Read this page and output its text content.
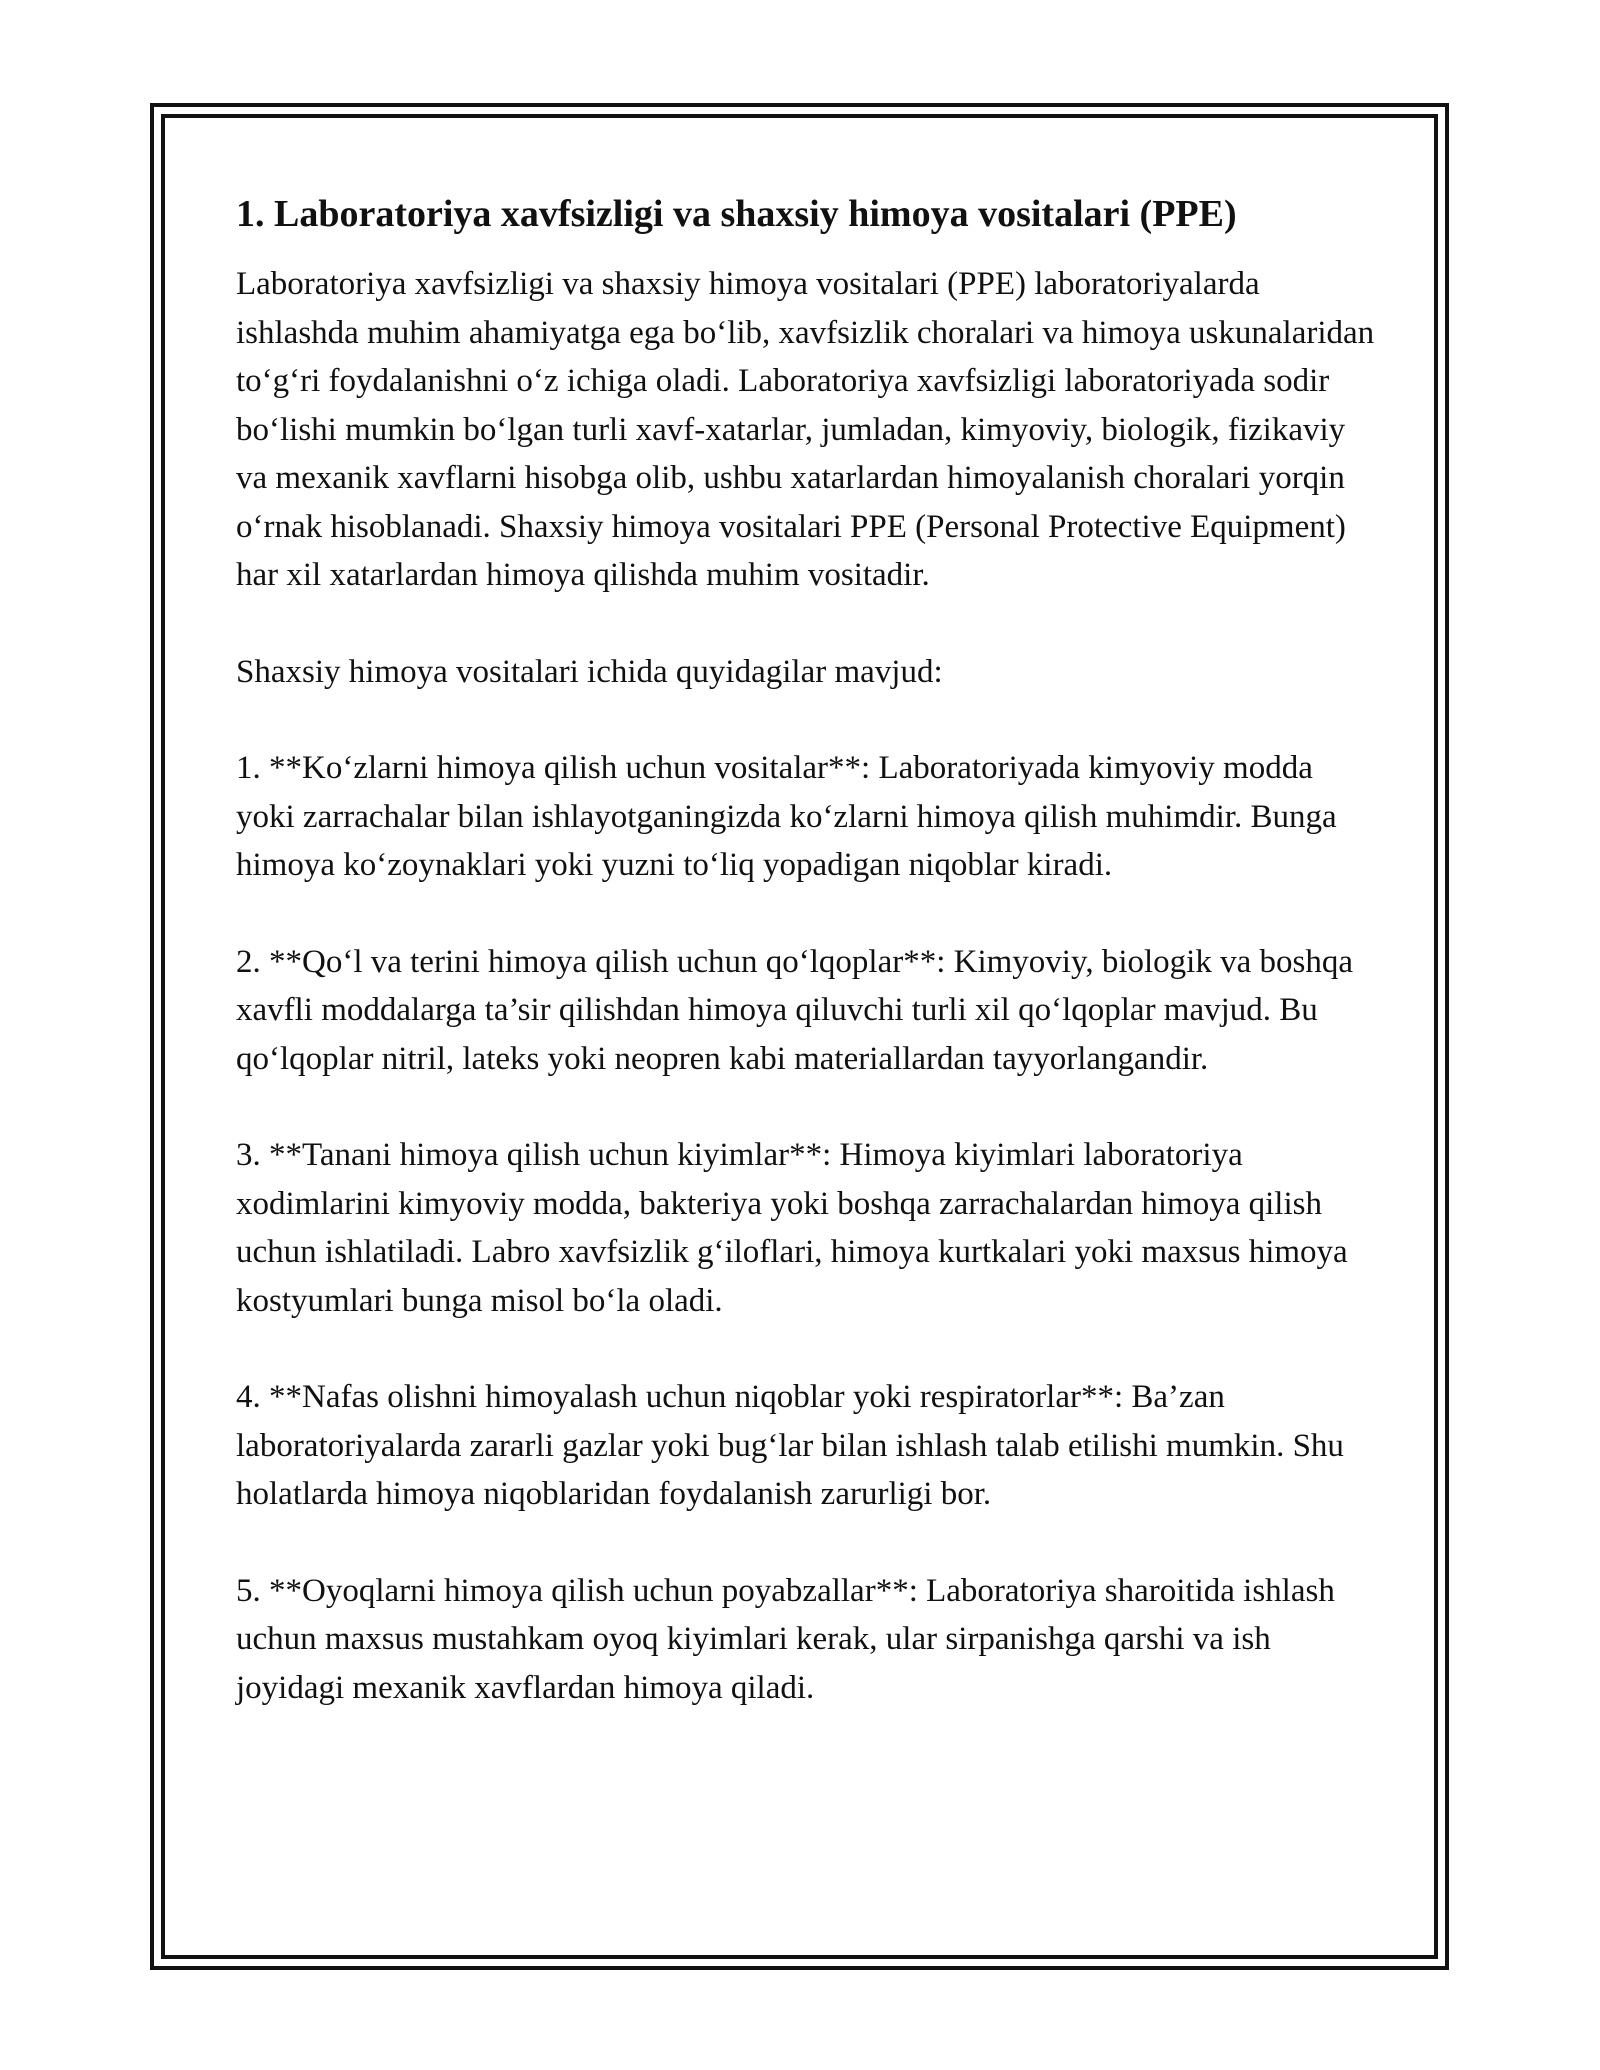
1. Laboratoriya xavfsizligi va shaxsiy himoya vositalari (PPE)

Laboratoriya xavfsizligi va shaxsiy himoya vositalari (PPE) laboratoriyalarda ishlashda muhim ahamiyatga ega bo‘lib, xavfsizlik choralari va himoya uskunalaridan to‘g‘ri foydalanishni o‘z ichiga oladi. Laboratoriya xavfsizligi laboratoriyada sodir bo‘lishi mumkin bo‘lgan turli xavf-xatarlar, jumladan, kimyoviy, biologik, fizikaviy va mexanik xavflarni hisobga olib, ushbu xatarlardan himoyalanish choralari yorqin o‘rnak hisoblanadi. Shaxsiy himoya vositalari PPE (Personal Protective Equipment) har xil xatarlardan himoya qilishda muhim vositadir.

Shaxsiy himoya vositalari ichida quyidagilar mavjud:

1. **Ko‘zlarni himoya qilish uchun vositalar**: Laboratoriyada kimyoviy modda yoki zarrachalar bilan ishlayotganingizda ko‘zlarni himoya qilish muhimdir. Bunga himoya ko‘zoynaklari yoki yuzni to‘liq yopadigan niqoblar kiradi.

2. **Qo‘l va terini himoya qilish uchun qo‘lqoplar**: Kimyoviy, biologik va boshqa xavfli moddalarga ta’sir qilishdan himoya qiluvchi turli xil qo‘lqoplar mavjud. Bu qo‘lqoplar nitril, lateks yoki neopren kabi materiallardan tayyorlangandir.

3. **Tanani himoya qilish uchun kiyimlar**: Himoya kiyimlari laboratoriya xodimlarini kimyoviy modda, bakteriya yoki boshqa zarrachalardan himoya qilish uchun ishlatiladi. Labro xavfsizlik g‘iloflari, himoya kurtkalari yoki maxsus himoya kostyumlari bunga misol bo‘la oladi.

4. **Nafas olishni himoyalash uchun niqoblar yoki respiratorlar**: Ba’zan laboratoriyalarda zararli gazlar yoki bug‘lar bilan ishlash talab etilishi mumkin. Shu holatlarda himoya niqoblaridan foydalanish zarurligi bor.

5. **Oyoqlarni himoya qilish uchun poyabzallar**: Laboratoriya sharoitida ishlash uchun maxsus mustahkam oyoq kiyimlari kerak, ular sirpanishga qarshi va ish joyidagi mexanik xavflardan himoya qiladi.
